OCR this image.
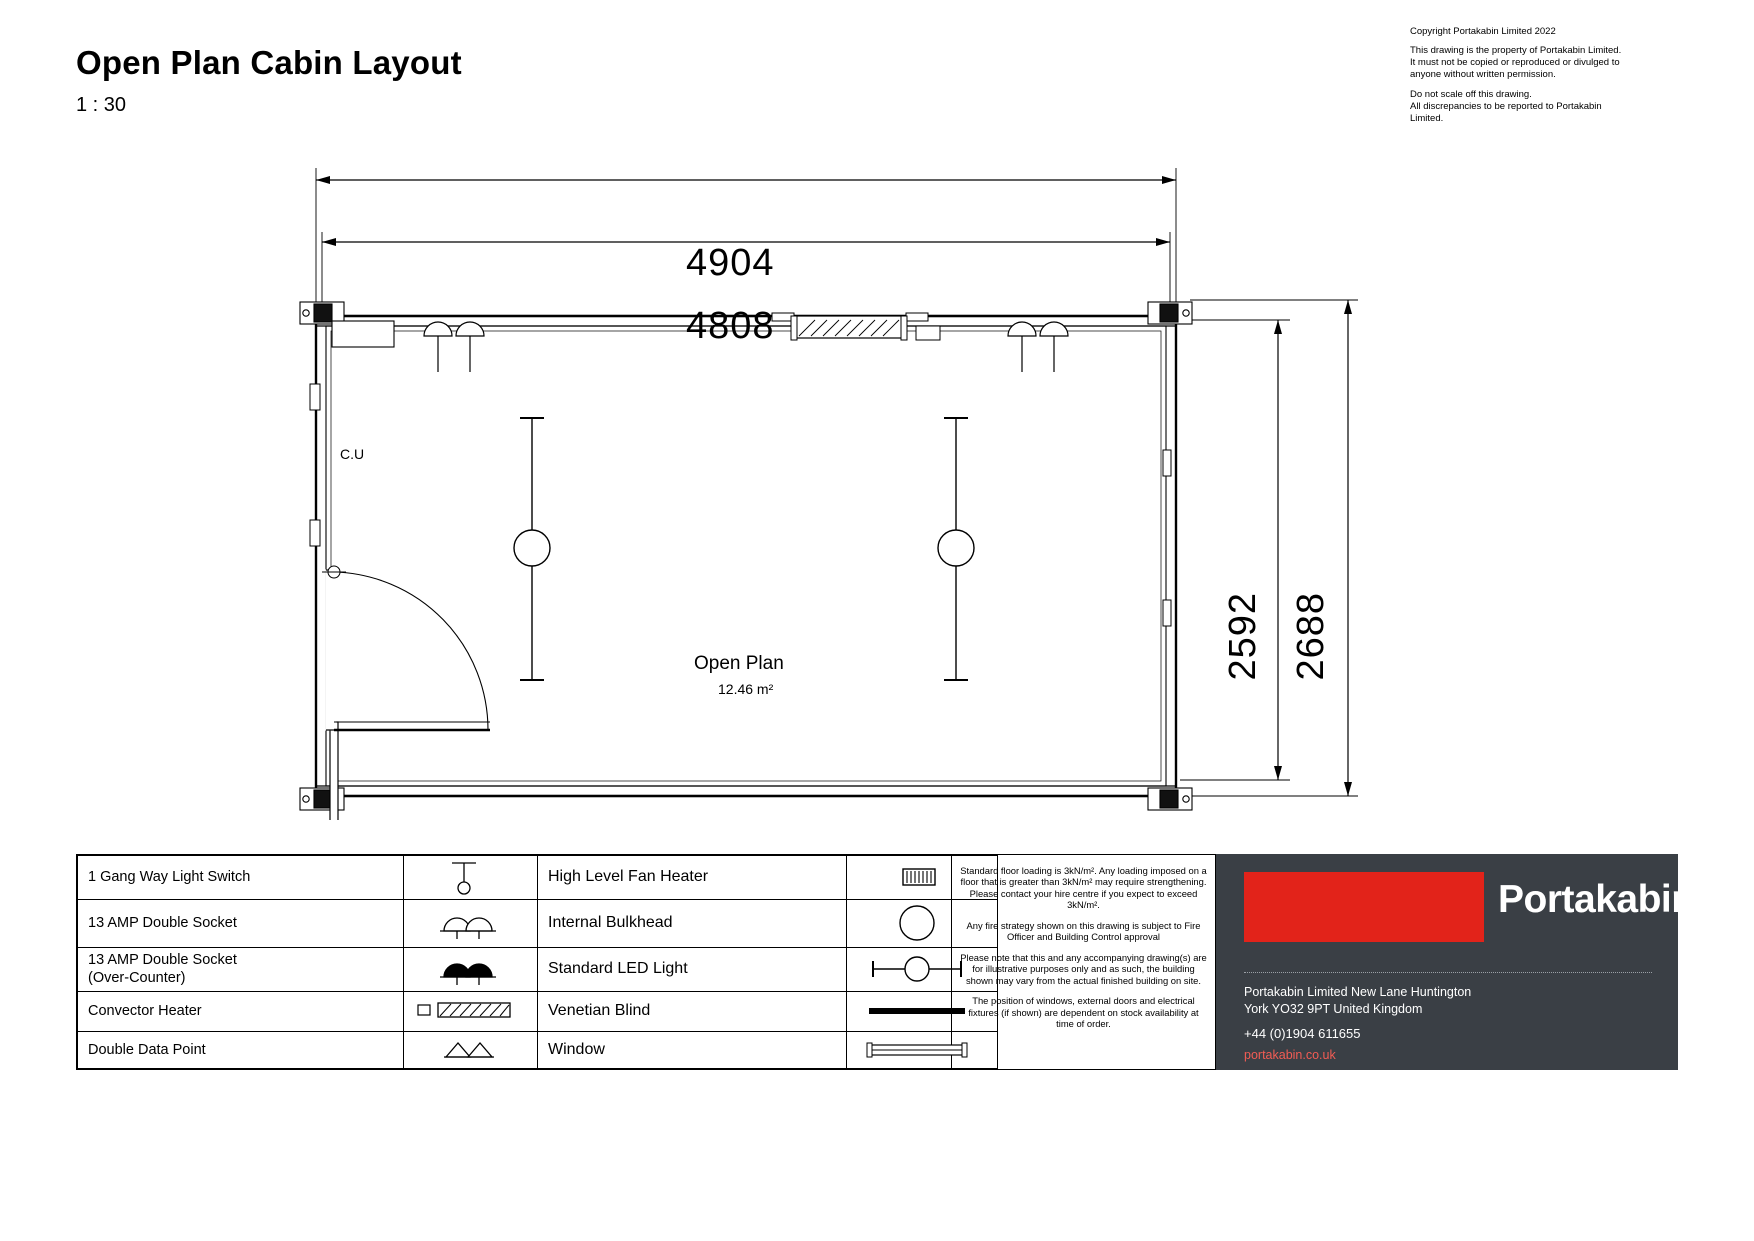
Open Plan Cabin Layout
1 : 30
Copyright Portakabin Limited 2022
This drawing is the property of Portakabin Limited.
It must not be copied or reproduced or divulged to
anyone without written permission.
Do not scale off this drawing.
All discrepancies to be reported to Portakabin
Limited.
4904
4808
2592 2688
Open Plan
12.46 m²
C.U
1 Gang Way Light Switch		High Level Fan Heater	

13 AMP Double Socket		Internal Bulkhead	

13 AMP Double Socket
(Over-Counter)		Standard LED Light	

Convector Heater		Venetian Blind	

Double Data Point		Window	

Standard floor loading is 3kN/m². Any loading imposed on a floor that is greater than 3kN/m² may require strengthening. Please contact your hire centre if you expect to exceed 3kN/m².

Any fire strategy shown on this drawing is subject to Fire Officer and Building Control approval

Please note that this and any accompanying drawing(s) are for illustrative purposes only and as such, the building shown may vary from the actual finished building on site.

The position of windows, external doors and electrical fixtures (if shown) are dependent on stock availability at time of order.

Portakabin®
Portakabin Limited New Lane Huntington
York YO32 9PT United Kingdom
+44 (0)1904 611655
portakabin.co.uk
